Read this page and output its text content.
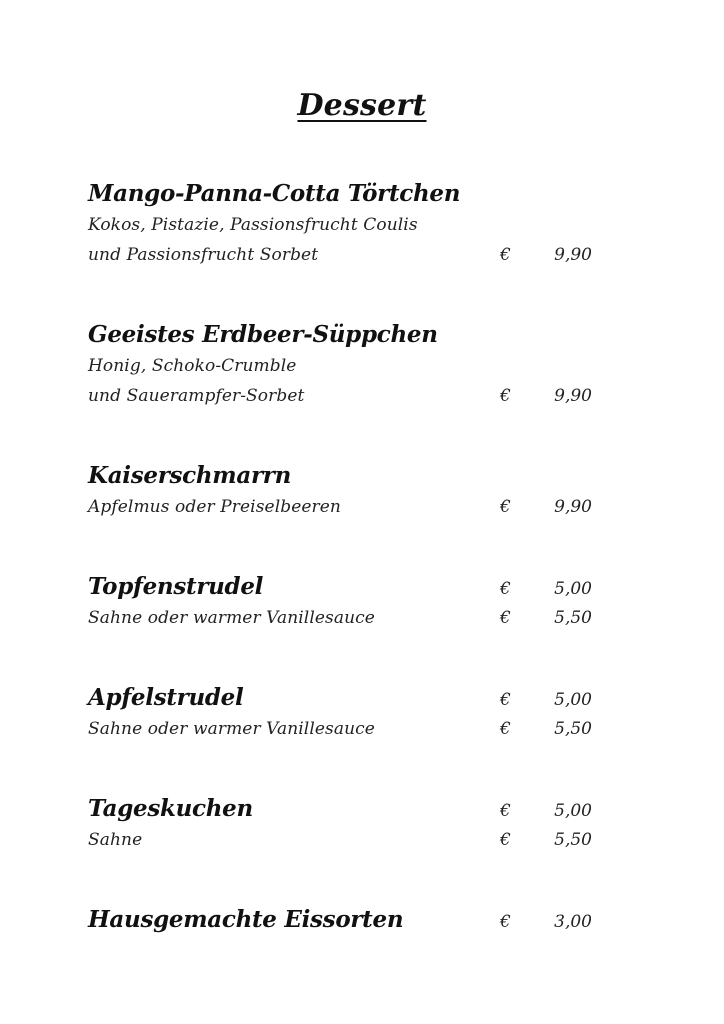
Dessert
Mango-Panna-Cotta Törtchen
Kokos, Pistazie, Passionsfrucht Coulis
und Passionsfrucht Sorbet	€	9,90
Geeistes Erdbeer-Süppchen
Honig, Schoko-Crumble
und Sauerampfer-Sorbet	€	9,90
Kaiserschmarrn
Apfelmus oder Preiselbeeren	€	9,90
Topfenstrudel	€	5,00
Sahne oder warmer Vanillesauce	€	5,50
Apfelstrudel	€	5,00
Sahne oder warmer Vanillesauce	€	5,50
Tageskuchen	€	5,00
Sahne	€	5,50
Hausgemachte Eissorten	€	3,00
